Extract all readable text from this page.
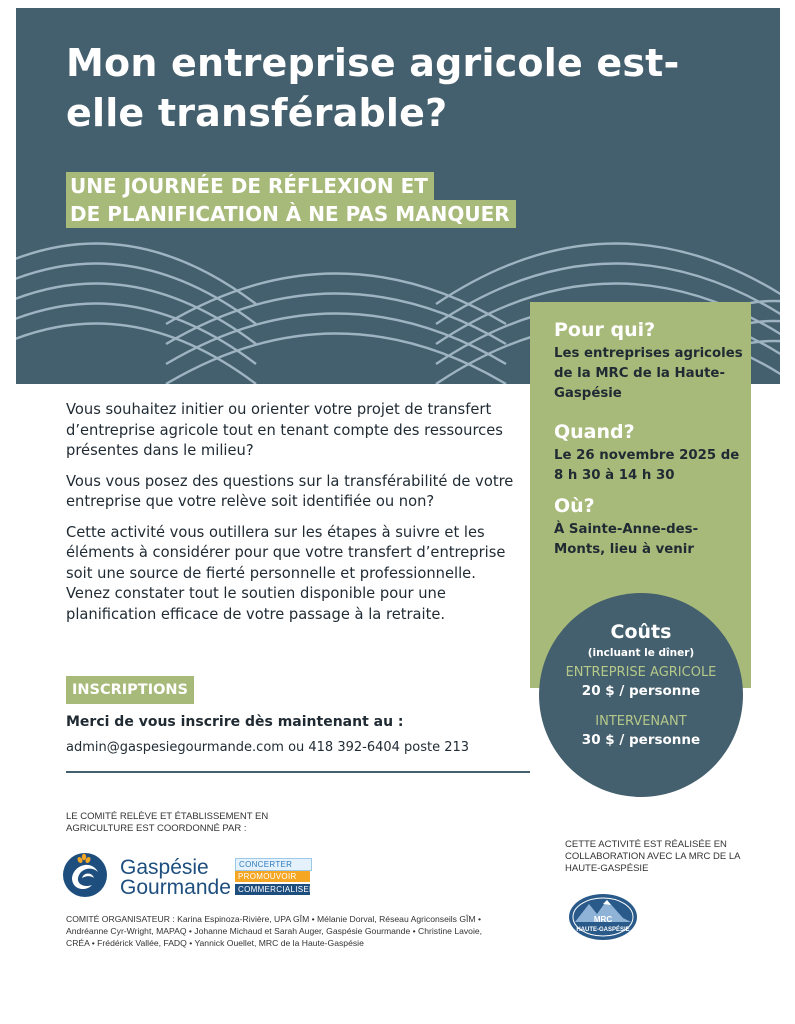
Mon entreprise agricole est-elle transférable?
UNE JOURNÉE DE RÉFLEXION ET
DE PLANIFICATION À NE PAS MANQUER

Pour qui?

Les entreprises agricoles de la MRC de la Haute-Gaspésie

Quand?

Le 26 novembre 2025 de 8 h 30 à 14 h 30

Où?

À Sainte-Anne-des-Monts, lieu à venir

Coûts
(incluant le dîner)
ENTREPRISE AGRICOLE
20 $ / personne
INTERVENANT
30 $ / personne

Vous souhaitez initier ou orienter votre projet de transfert d’entreprise agricole tout en tenant compte des ressources présentes dans le milieu?

Vous vous posez des questions sur la transférabilité de votre entreprise que votre relève soit identifiée ou non?

Cette activité vous outillera sur les étapes à suivre et les éléments à considérer pour que votre transfert d’entreprise soit une source de fierté personnelle et professionnelle. Venez constater tout le soutien disponible pour une planification efficace de votre passage à la retraite.

INSCRIPTIONS
Merci de vous inscrire dès maintenant au :
admin@gaspesiegourmande.com ou 418 392-6404 poste 213
LE COMITÉ RELÈVE ET ÉTABLISSEMENT EN AGRICULTURE EST COORDONNÉ PAR :
Gaspésie
Gourmande
CONCERTER
PROMOUVOIR
COMMERCIALISER
COMITÉ ORGANISATEUR : Karina Espinoza-Rivière, UPA GÎM • Mélanie Dorval, Réseau Agriconseils GÎM • Andréanne Cyr-Wright, MAPAQ • Johanne Michaud et Sarah Auger, Gaspésie Gourmande • Christine Lavoie, CRÉA • Frédérick Vallée, FADQ • Yannick Ouellet, MRC de la Haute-Gaspésie
CETTE ACTIVITÉ EST RÉALISÉE EN COLLABORATION AVEC LA MRC DE LA HAUTE-GASPÉSIE
MRC
HAUTE-GASPÉSIE
